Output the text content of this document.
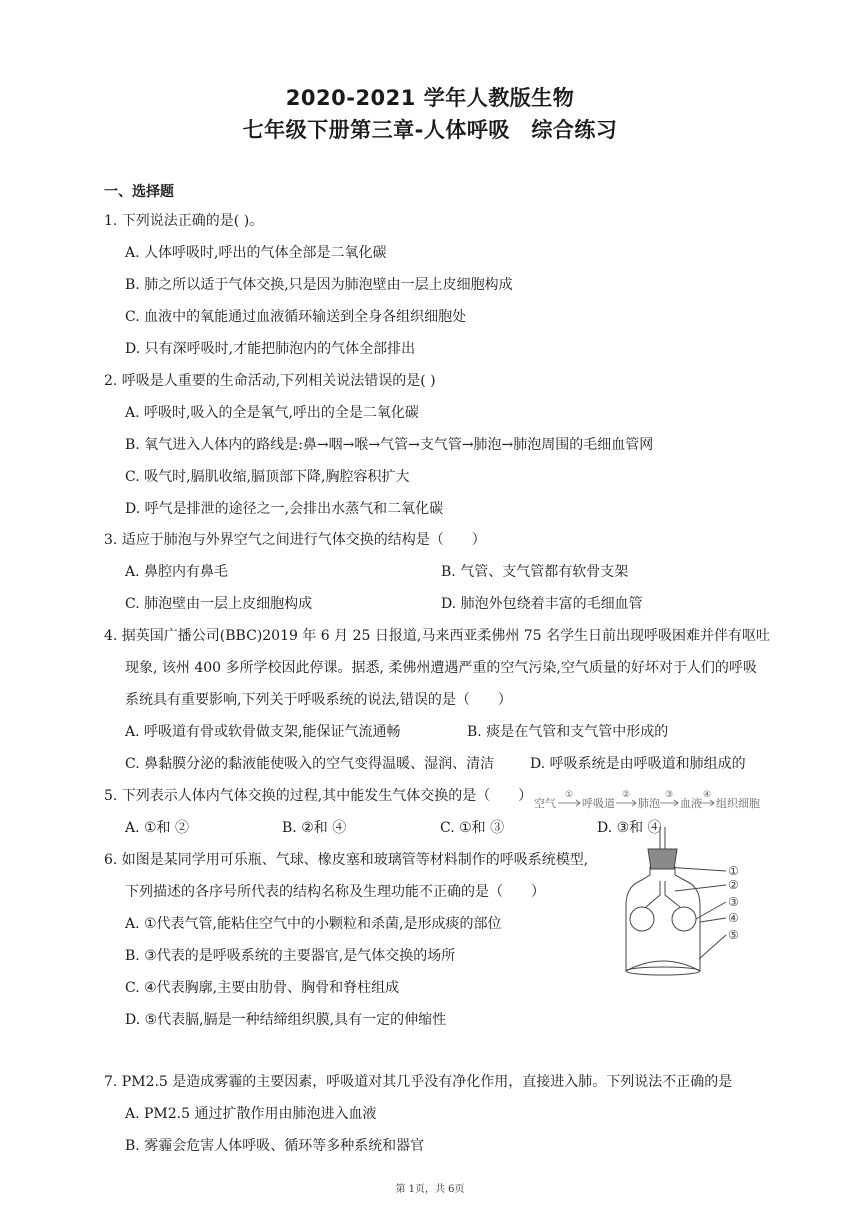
2020-2021 学年人教版生物
七年级下册第三章-人体呼吸　综合练习
一、选择题
1. 下列说法正确的是( )。
A. 人体呼吸时,呼出的气体全部是二氧化碳
B. 肺之所以适于气体交换,只是因为肺泡壁由一层上皮细胞构成
C. 血液中的氧能通过血液循环输送到全身各组织细胞处
D. 只有深呼吸时,才能把肺泡内的气体全部排出
2. 呼吸是人重要的生命活动,下列相关说法错误的是( )
A. 呼吸时,吸入的全是氧气,呼出的全是二氧化碳
B. 氧气进入人体内的路线是:鼻→咽→喉→气管→支气管→肺泡→肺泡周围的毛细血管网
C. 吸气时,膈肌收缩,膈顶部下降,胸腔容积扩大
D. 呼气是排泄的途径之一,会排出水蒸气和二氧化碳
3. 适应于肺泡与外界空气之间进行气体交换的结构是（　　）
A. 鼻腔内有鼻毛	B. 气管、支气管都有软骨支架
C. 肺泡壁由一层上皮细胞构成	D. 肺泡外包绕着丰富的毛细血管
4. 据英国广播公司(BBC)2019 年 6 月 25 日报道,马来西亚柔佛州 75 名学生日前出现呼吸困难并伴有呕吐
现象, 该州 400 多所学校因此停课。据悉, 柔佛州遭遇严重的空气污染,空气质量的好坏对于人们的呼吸
系统具有重要影响,下列关于呼吸系统的说法,错误的是（　　）
A. 呼吸道有骨或软骨做支架,能保证气流通畅	B. 痰是在气管和支气管中形成的
C. 鼻黏膜分泌的黏液能使吸入的空气变得温暖、湿润、清洁	D. 呼吸系统是由呼吸道和肺组成的
5. 下列表示人体内气体交换的过程,其中能发生气体交换的是（　　） 空气 呼吸道 肺泡 血液 组织细胞
①	②	③	④
A. ①和 ②	B. ②和 ④	C. ①和 ③	D. ③和 ④
6. 如图是某同学用可乐瓶、气球、橡皮塞和玻璃管等材料制作的呼吸系统模型,
下列描述的各序号所代表的结构名称及生理功能不正确的是（　　）
A. ①代表气管,能粘住空气中的小颗粒和杀菌,是形成痰的部位
B. ③代表的是呼吸系统的主要器官,是气体交换的场所
C. ④代表胸廓,主要由肋骨、胸骨和脊柱组成
D. ⑤代表膈,膈是一种结缔组织膜,具有一定的伸缩性
①
②
③
④
⑤
7. PM2.5 是造成雾霾的主要因素，呼吸道对其几乎没有净化作用，直接进入肺。下列说法不正确的是
A. PM2.5 通过扩散作用由肺泡进入血液
B. 雾霾会危害人体呼吸、循环等多种系统和器官
第 1页，共 6页
